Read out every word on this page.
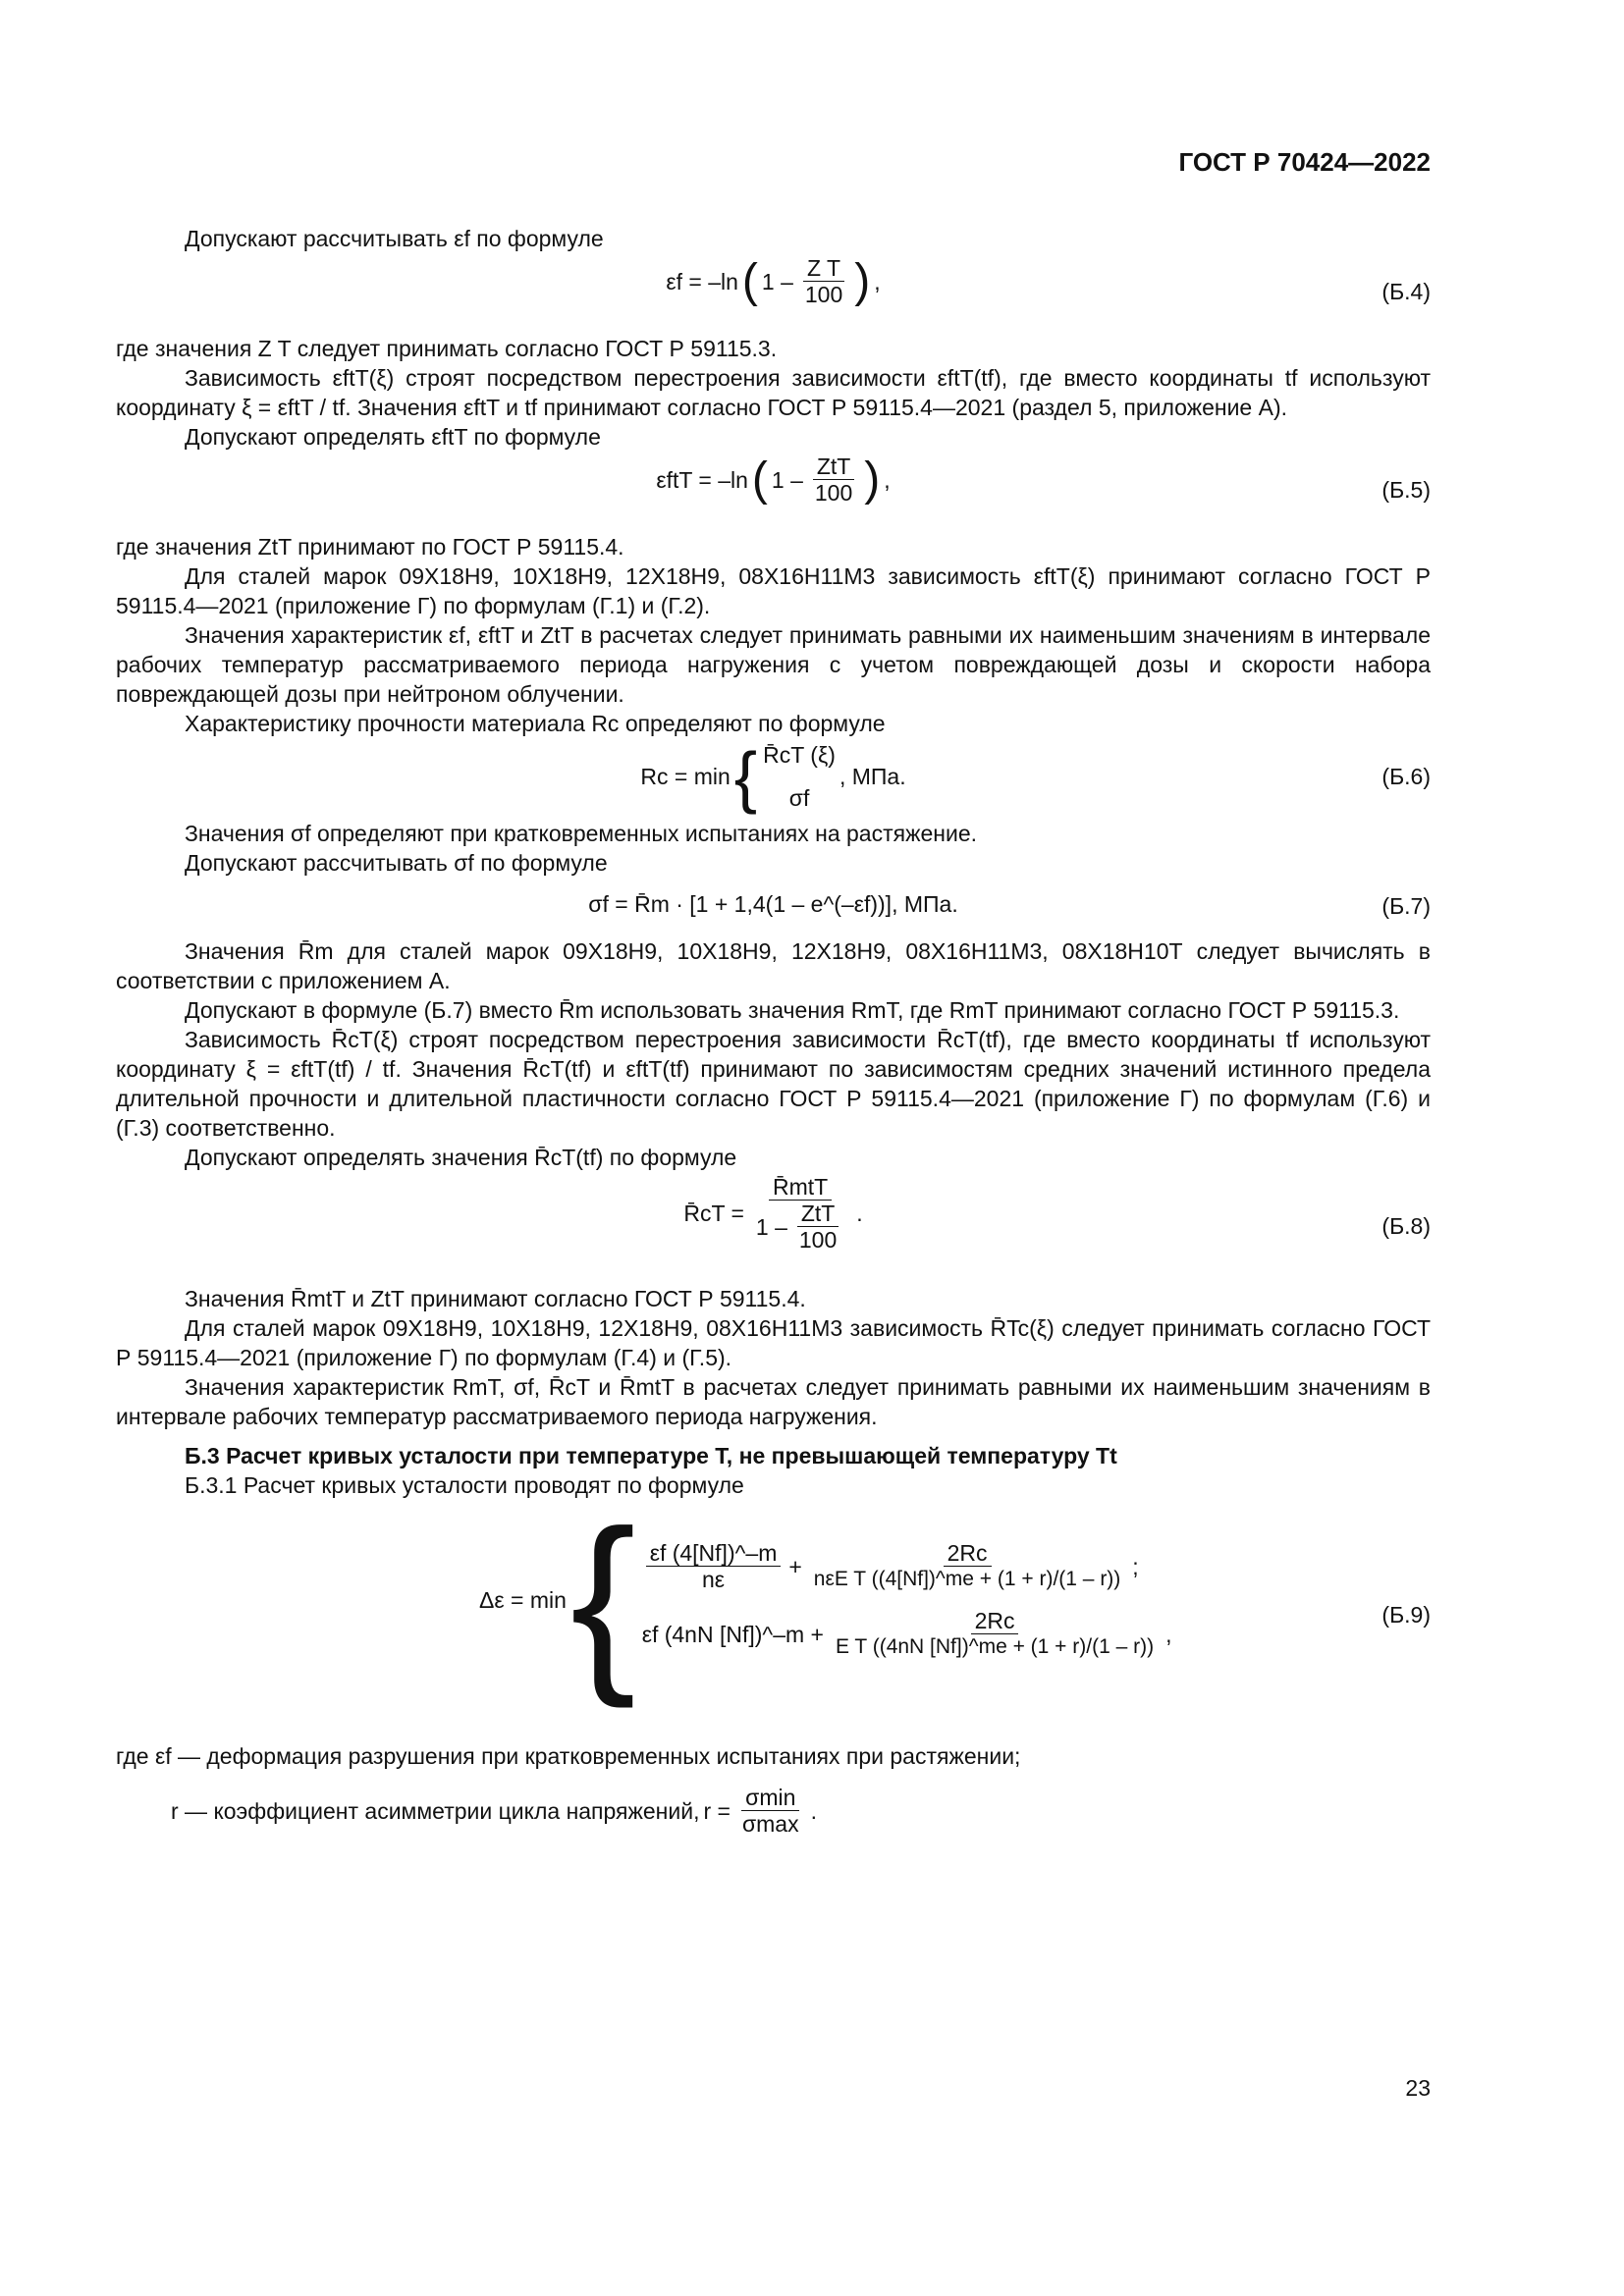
ГОСТ Р 70424—2022

Допускают рассчитывать εf по формуле

εf = –ln ( $1 - \frac{\text{Z T}}{100}$ ) ,	(Б.4)

где значения Z T следует принимать согласно ГОСТ Р 59115.3.

Зависимость εftT(ξ) строят посредством перестроения зависимости εftT(tf), где вместо координаты tf используют координату ξ = εftT / tf. Значения εftT и tf принимают согласно ГОСТ Р 59115.4—2021 (раздел 5, приложение А).

Допускают определять εftT по формуле

εftT = –ln ( $1 - \frac{\text{ZtT}}{100}$ ) ,	(Б.5)

где значения ZtT принимают по ГОСТ Р 59115.4.

Для сталей марок 09Х18Н9, 10Х18Н9, 12Х18Н9, 08Х16Н11М3 зависимость εftT(ξ) принимают согласно ГОСТ Р 59115.4—2021 (приложение Г) по формулам (Г.1) и (Г.2).

Значения характеристик εf, εftT и ZtT в расчетах следует принимать равными их наименьшим значениям в интервале рабочих температур рассматриваемого периода нагружения с учетом повреждающей дозы и скорости набора повреждающей дозы при нейтроном облучении.

Характеристику прочности материала Rc определяют по формуле

Rc = min { R̄cT (ξ)
σf
, МПа.	(Б.6)

Значения σf определяют при кратковременных испытаниях на растяжение.

Допускают рассчитывать σf по формуле

σf = R̄m · [1 + 1,4(1 – e^(–εf))], МПа.	(Б.7)

Значения R̄m для сталей марок 09Х18Н9, 10Х18Н9, 12Х18Н9, 08Х16Н11М3, 08Х18Н10Т следует вычислять в соответствии с приложением А.

Допускают в формуле (Б.7) вместо R̄m использовать значения RmT, где RmT принимают согласно ГОСТ Р 59115.3.

Зависимость R̄cT(ξ) строят посредством перестроения зависимости R̄cT(tf), где вместо координаты tf используют координату ξ = εftT(tf) / tf. Значения R̄cT(tf) и εftT(tf) принимают по зависимостям средних значений истинного предела длительной прочности и длительной пластичности согласно ГОСТ Р 59115.4—2021 (приложение Г) по формулам (Г.6) и (Г.3) соответственно.

Допускают определять значения R̄cT(tf) по формуле

R̄cT =
R̄mtT
$1 - \frac{\text{ZtT}}{100}$ .	(Б.8)

Значения R̄mtT и ZtT принимают согласно ГОСТ Р 59115.4.

Для сталей марок 09Х18Н9, 10Х18Н9, 12Х18Н9, 08Х16Н11М3 зависимость R̄Tc(ξ) следует принимать согласно ГОСТ Р 59115.4—2021 (приложение Г) по формулам (Г.4) и (Г.5).

Значения характеристик RmT, σf, R̄cT и R̄mtT в расчетах следует принимать равными их наименьшим значениям в интервале рабочих температур рассматриваемого периода нагружения.

Б.3 Расчет кривых усталости при температуре T, не превышающей температуру Tt

Б.3.1 Расчет кривых усталости проводят по формуле

Δε = min { $\frac{\varepsilon f (4[Nf])\^{}-m}{n\varepsilon} + \frac{2Rc}{\text{nεE T ((4[Nf])\textasciicircum{}me + (1 + r)/(1 – r))}}$ ;
εf (4nN [Nf])^–m + $\frac{2Rc}{\text{E T ((4nN [Nf])\textasciicircum{}me + (1 + r)/(1 – r))}}$ ,
(Б.9)

где εf — деформация разрушения при кратковременных испытаниях при растяжении;

r — коэффициент асимметрии цикла напряжений, $r = \frac{\sigma\min}{\sigma\max}$ .

23
